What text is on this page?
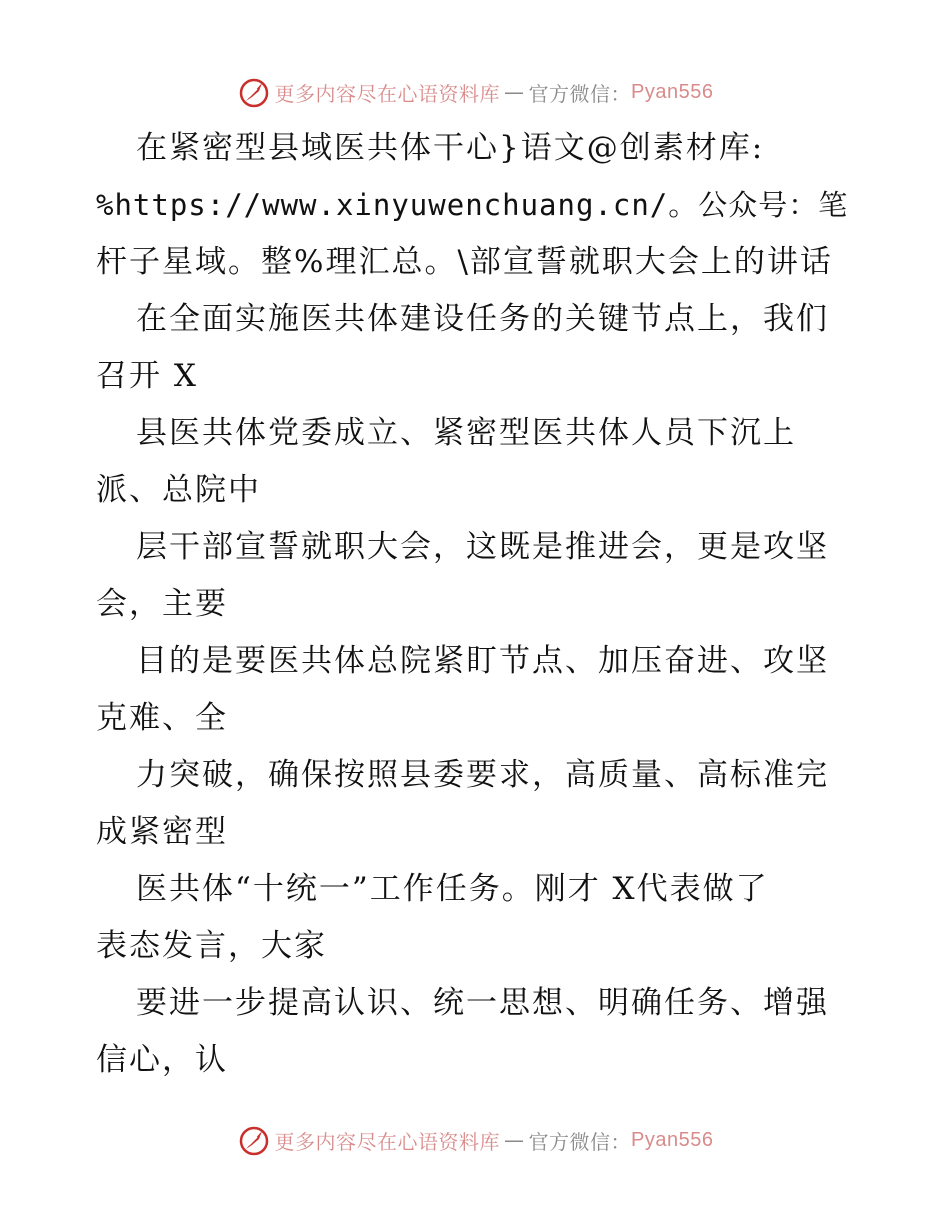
更多内容尽在心语资料库 — 官方微信： Pyan556
在紧密型县域医共体干心}语文@创素材库:
%https://www.xinyuwenchuang.cn/。公众号：笔
杆子星域。整%理汇总。\部宣誓就职大会上的讲话
在全面实施医共体建设任务的关键节点上，我们
召开 X
县医共体党委成立、紧密型医共体人员下沉上
派、总院中
层干部宣誓就职大会，这既是推进会，更是攻坚
会，主要
目的是要医共体总院紧盯节点、加压奋进、攻坚
克难、全
力突破，确保按照县委要求，高质量、高标准完
成紧密型
医共体“十统一”工作任务。刚才 X代表做了
表态发言，大家
要进一步提高认识、统一思想、明确任务、增强
信心，认
更多内容尽在心语资料库 — 官方微信： Pyan556
